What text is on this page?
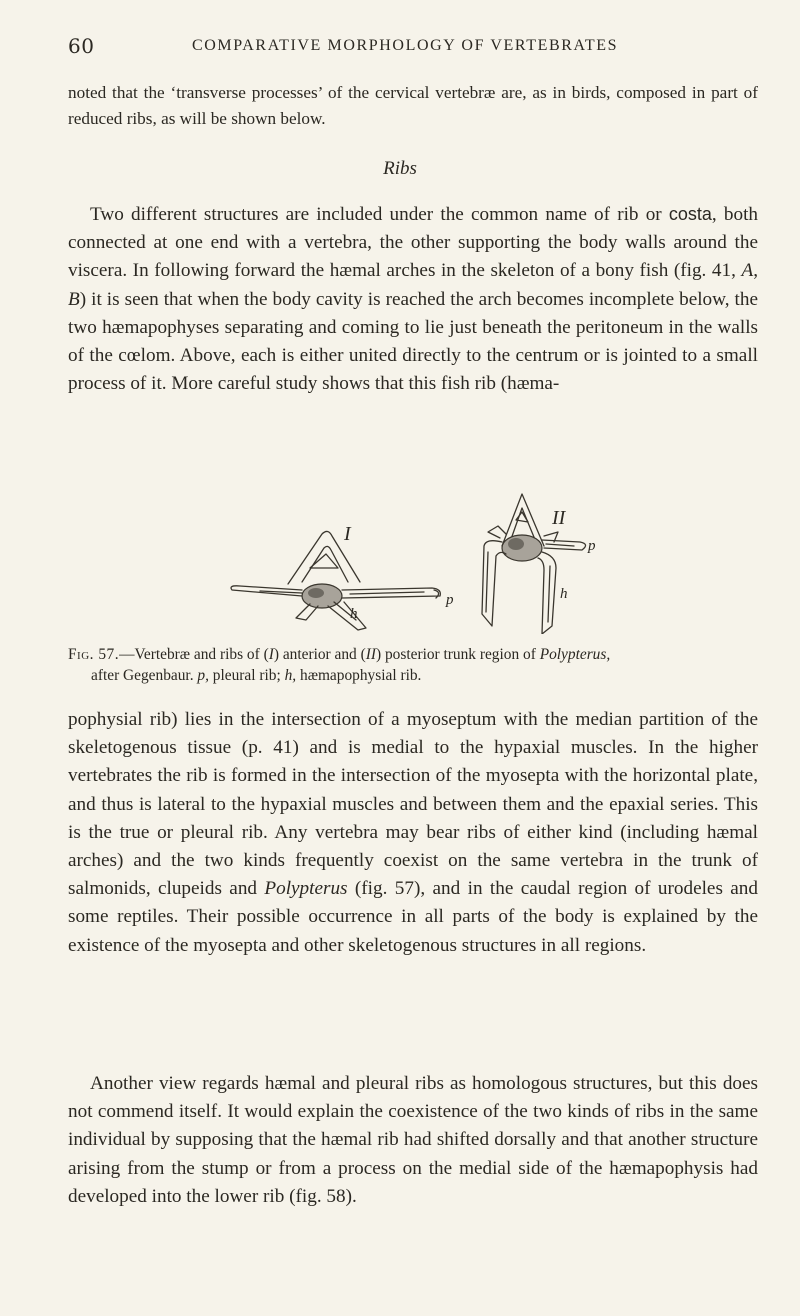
60	COMPARATIVE MORPHOLOGY OF VERTEBRATES

noted that the ‘transverse processes’ of the cervical vertebræ are, as in birds, composed in part of reduced ribs, as will be shown below.

Ribs

Two different structures are included under the common name of rib or costa, both connected at one end with a vertebra, the other supporting the body walls around the viscera. In following forward the hæmal arches in the skeleton of a bony fish (fig. 41, A, B) it is seen that when the body cavity is reached the arch becomes incomplete below, the two hæmapophyses separating and coming to lie just beneath the peritoneum in the walls of the cœlom. Above, each is either united directly to the centrum or is jointed to a small process of it. More careful study shows that this fish rib (hæma-

I
p
h
II
p
h

Fig. 57.—Vertebræ and ribs of (I) anterior and (II) posterior trunk region of Polypterus,
after Gegenbaur. p, pleural rib; h, hæmapophysial rib.

pophysial rib) lies in the intersection of a myoseptum with the median partition of the skeletogenous tissue (p. 41) and is medial to the hypaxial muscles. In the higher vertebrates the rib is formed in the intersection of the myosepta with the horizontal plate, and thus is lateral to the hypaxial muscles and between them and the epaxial series. This is the true or pleural rib. Any vertebra may bear ribs of either kind (including hæmal arches) and the two kinds frequently coexist on the same vertebra in the trunk of salmonids, clupeids and Polypterus (fig. 57), and in the caudal region of urodeles and some reptiles. Their possible occurrence in all parts of the body is explained by the existence of the myosepta and other skeletogenous structures in all regions.

Another view regards hæmal and pleural ribs as homologous structures, but this does not commend itself. It would explain the coexistence of the two kinds of ribs in the same individual by supposing that the hæmal rib had shifted dorsally and that another structure arising from the stump or from a process on the medial side of the hæmapophysis had developed into the lower rib (fig. 58).
